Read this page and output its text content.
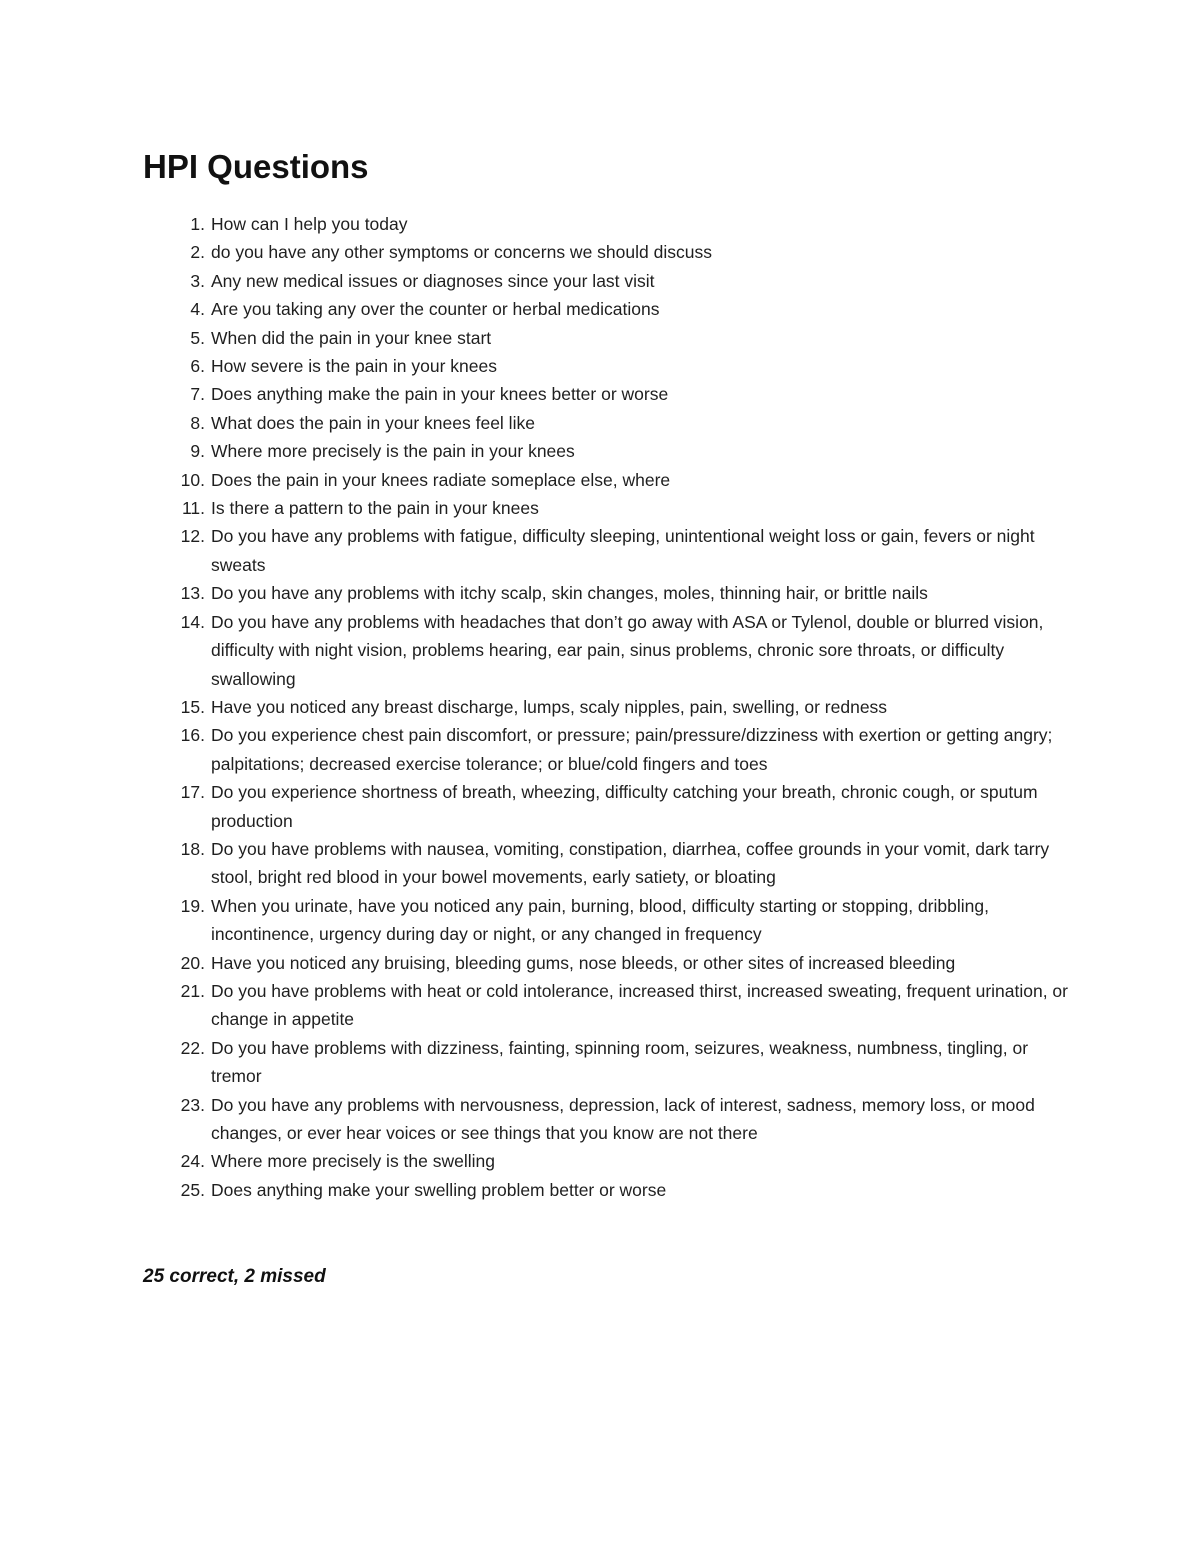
HPI Questions
1. How can I help you today
2. do you have any other symptoms or concerns we should discuss
3. Any new medical issues or diagnoses since your last visit
4. Are you taking any over the counter or herbal medications
5. When did the pain in your knee start
6. How severe is the pain in your knees
7. Does anything make the pain in your knees better or worse
8. What does the pain in your knees feel like
9. Where more precisely is the pain in your knees
10. Does the pain in your knees radiate someplace else, where
11. Is there a pattern to the pain in your knees
12. Do you have any problems with fatigue, difficulty sleeping, unintentional weight loss or gain, fevers or night sweats
13. Do you have any problems with itchy scalp, skin changes, moles, thinning hair, or brittle nails
14. Do you have any problems with headaches that don’t go away with ASA or Tylenol, double or blurred vision, difficulty with night vision, problems hearing, ear pain, sinus problems, chronic sore throats, or difficulty swallowing
15. Have you noticed any breast discharge, lumps, scaly nipples, pain, swelling, or redness
16. Do you experience chest pain discomfort, or pressure; pain/pressure/dizziness with exertion or getting angry; palpitations; decreased exercise tolerance; or blue/cold fingers and toes
17. Do you experience shortness of breath, wheezing, difficulty catching your breath, chronic cough, or sputum production
18. Do you have problems with nausea, vomiting, constipation, diarrhea, coffee grounds in your vomit, dark tarry stool, bright red blood in your bowel movements, early satiety, or bloating
19. When you urinate, have you noticed any pain, burning, blood, difficulty starting or stopping, dribbling, incontinence, urgency during day or night, or any changed in frequency
20. Have you noticed any bruising, bleeding gums, nose bleeds, or other sites of increased bleeding
21. Do you have problems with heat or cold intolerance, increased thirst, increased sweating, frequent urination, or change in appetite
22. Do you have problems with dizziness, fainting, spinning room, seizures, weakness, numbness, tingling, or tremor
23. Do you have any problems with nervousness, depression, lack of interest, sadness, memory loss, or mood changes, or ever hear voices or see things that you know are not there
24. Where more precisely is the swelling
25. Does anything make your swelling problem better or worse

25 correct, 2 missed
